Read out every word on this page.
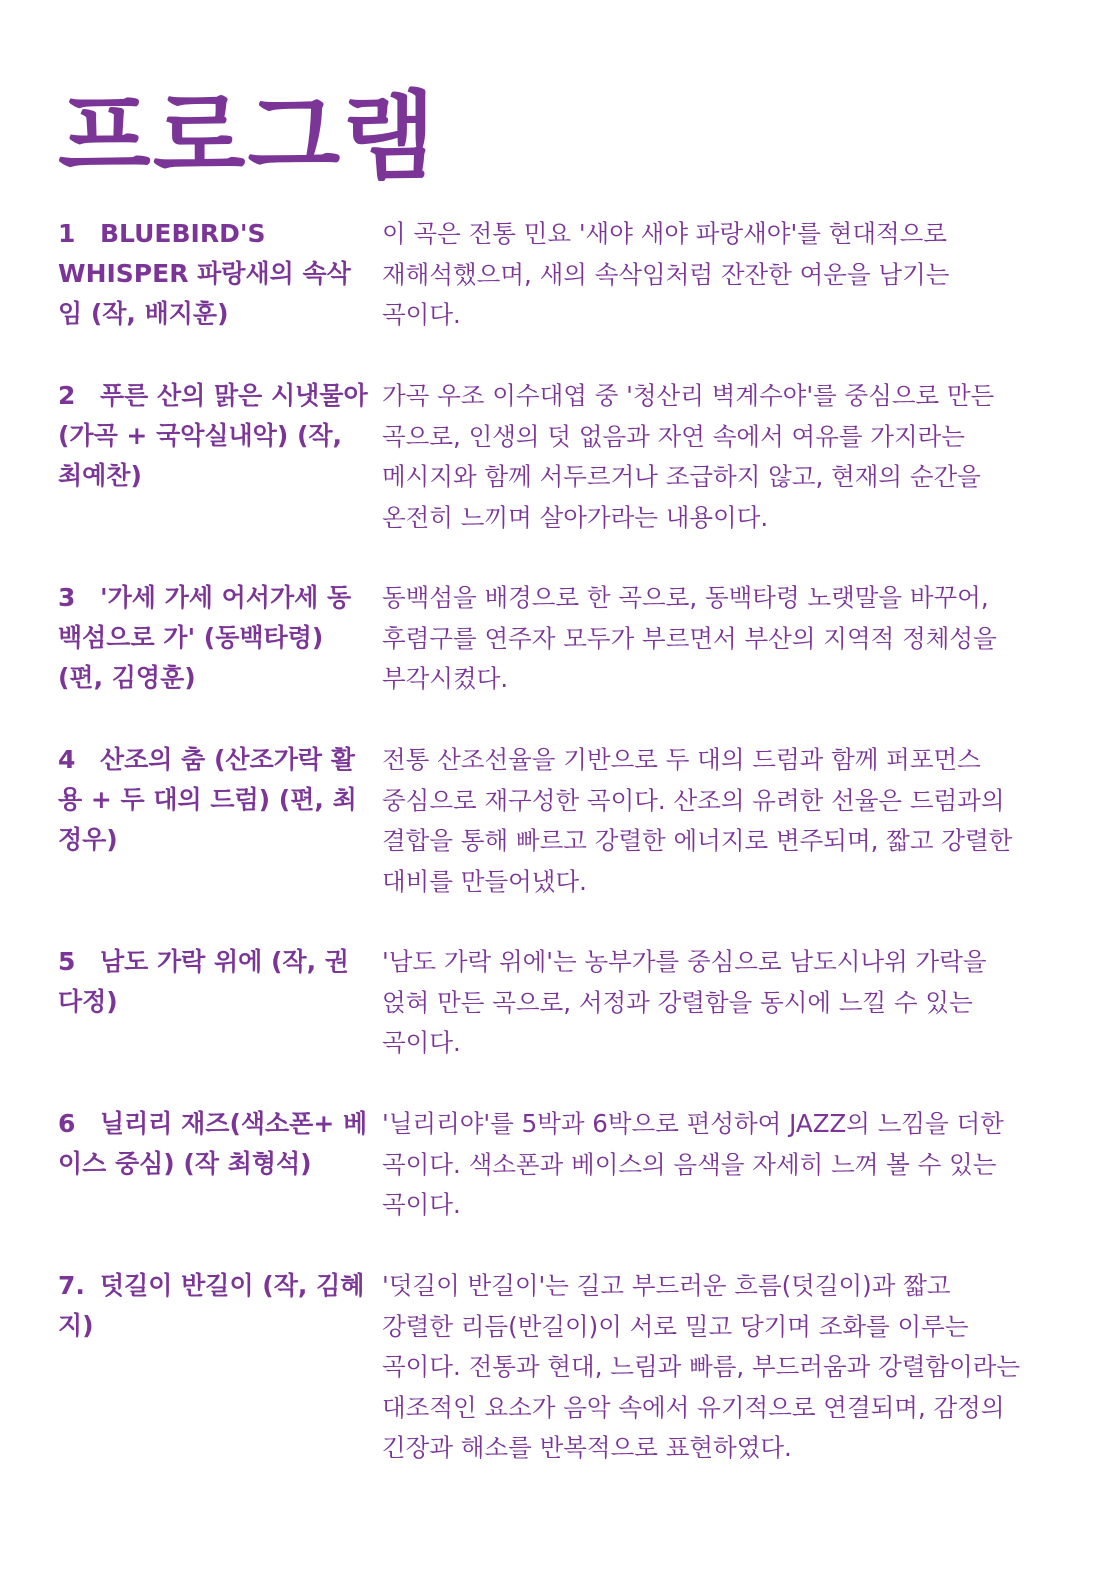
프로그램
1 BLUEBIRD'S WHISPER 파랑새의 속삭임 (작, 배지훈)

이 곡은 전통 민요 '새야 새야 파랑새야'를 현대적으로 재해석했으며, 새의 속삭임처럼 잔잔한 여운을 남기는 곡이다.

2 푸른 산의 맑은 시냇물아 (가곡 + 국악실내악) (작, 최예찬)

가곡 우조 이수대엽 중 '청산리 벽계수야'를 중심으로 만든 곡으로, 인생의 덧 없음과 자연 속에서 여유를 가지라는 메시지와 함께 서두르거나 조급하지 않고, 현재의 순간을 온전히 느끼며 살아가라는 내용이다.

3 '가세 가세 어서가세 동백섬으로 가' (동백타령) (편, 김영훈)

동백섬을 배경으로 한 곡으로, 동백타령 노랫말을 바꾸어, 후렴구를 연주자 모두가 부르면서 부산의 지역적 정체성을 부각시켰다.

4 산조의 춤 (산조가락 활용 + 두 대의 드럼) (편, 최정우)

전통 산조선율을 기반으로 두 대의 드럼과 함께 퍼포먼스 중심으로 재구성한 곡이다. 산조의 유려한 선율은 드럼과의 결합을 통해 빠르고 강렬한 에너지로 변주되며, 짧고 강렬한 대비를 만들어냈다.

5 남도 가락 위에 (작, 권다정)

'남도 가락 위에'는 농부가를 중심으로 남도시나위 가락을 얹혀 만든 곡으로, 서정과 강렬함을 동시에 느낄 수 있는 곡이다.

6 닐리리 재즈(색소폰+ 베이스 중심) (작 최형석)

'닐리리야'를 5박과 6박으로 편성하여 JAZZ의 느낌을 더한 곡이다. 색소폰과 베이스의 음색을 자세히 느껴 볼 수 있는 곡이다.

7. 덧길이 반길이 (작, 김혜지)

'덧길이 반길이'는 길고 부드러운 흐름(덧길이)과 짧고 강렬한 리듬(반길이)이 서로 밀고 당기며 조화를 이루는 곡이다. 전통과 현대, 느림과 빠름, 부드러움과 강렬함이라는 대조적인 요소가 음악 속에서 유기적으로 연결되며, 감정의 긴장과 해소를 반복적으로 표현하였다.
